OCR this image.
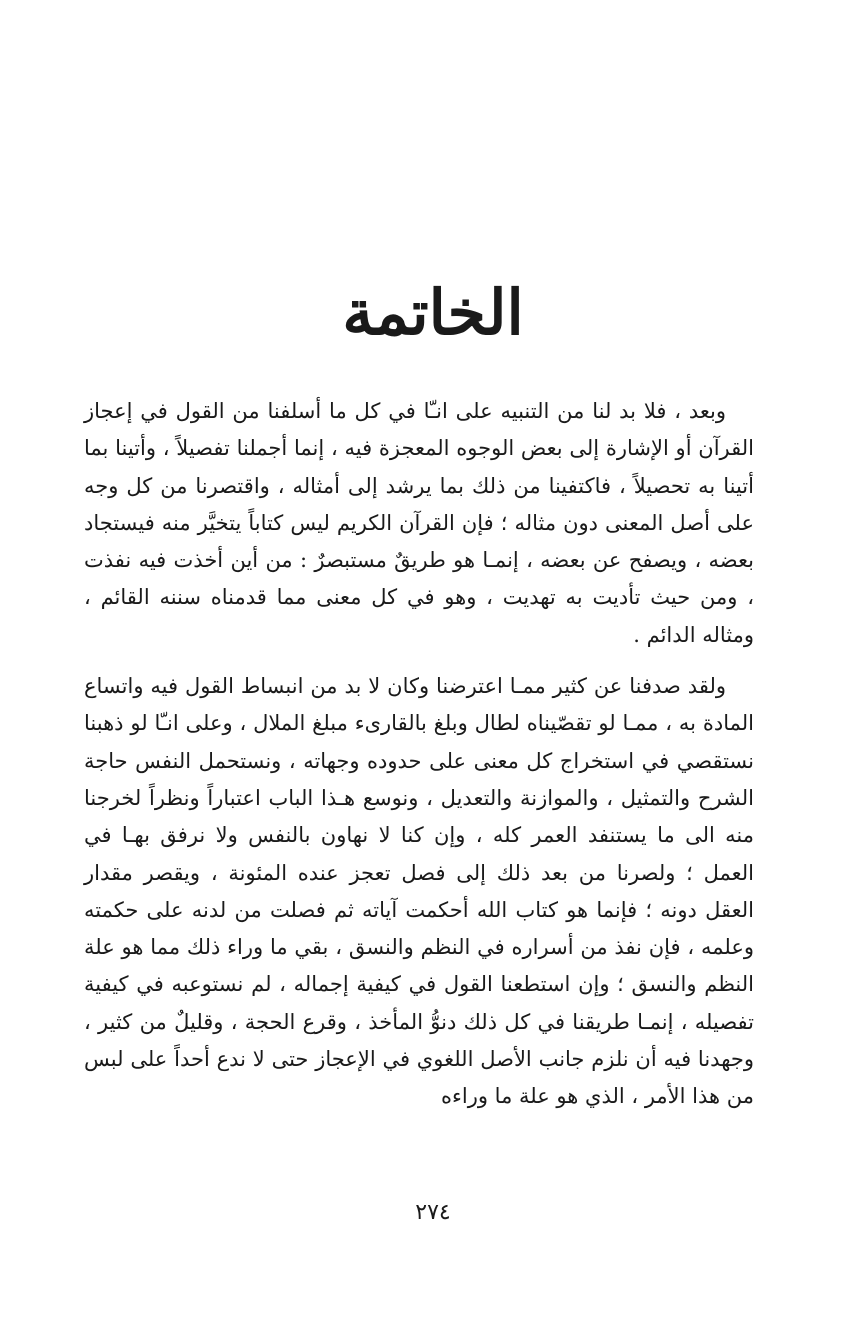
الخاتمة

وبعد ، فلا بد لنا من التنبيه على انـّا في كل ما أسلفنا من القول في إعجاز القرآن أو الإشارة إلى بعض الوجوه المعجزة فيه ، إنما أجملنا تفصيلاً ، وأتينا بما أتينا به تحصيلاً ، فاكتفينا من ذلك بما يرشد إلى أمثاله ، واقتصرنا من كل وجه على أصل المعنى دون مثاله ؛ فإن القرآن الكريم ليس كتاباً يتخيَّر منه فيستجاد بعضه ، ويصفح عن بعضه ، إنمـا هو طريقٌ مستبصرٌ : من أين أخذت فيه نفذت ، ومن حيث تأديت به تهديت ، وهو في كل معنى مما قدمناه سننه القائم ، ومثاله الدائم .

ولقد صدفنا عن كثير ممـا اعترضنا وكان لا بد من انبساط القول فيه واتساع المادة به ، ممـا لو تقصّيناه لطال وبلغ بالقارىء مبلغ الملال ، وعلى انـّا لو ذهبنا نستقصي في استخراج كل معنى على حدوده وجهاته ، ونستحمل النفس حاجة الشرح والتمثيل ، والموازنة والتعديل ، ونوسع هـذا الباب اعتباراً ونظراً لخرجنا منه الى ما يستنفد العمر كله ، وإن كنا لا نهاون بالنفس ولا نرفق بهـا في العمل ؛ ولصرنا من بعد ذلك إلى فصل تعجز عنده المئونة ، ويقصر مقدار العقل دونه ؛ فإنما هو كتاب الله أحكمت آياته ثم فصلت من لدنه على حكمته وعلمه ، فإن نفذ من أسراره في النظم والنسق ، بقي ما وراء ذلك مما هو علة النظم والنسق ؛ وإن استطعنا القول في كيفية إجماله ، لم نستوعبه في كيفية تفصيله ، إنمـا طريقنا في كل ذلك دنوُّ المأخذ ، وقرع الحجة ، وقليلٌ من كثير ، وجهدنا فيه أن نلزم جانب الأصل اللغوي في الإعجاز حتى لا ندع أحداً على لبس من هذا الأمر ، الذي هو علة ما وراءه

٢٧٤
